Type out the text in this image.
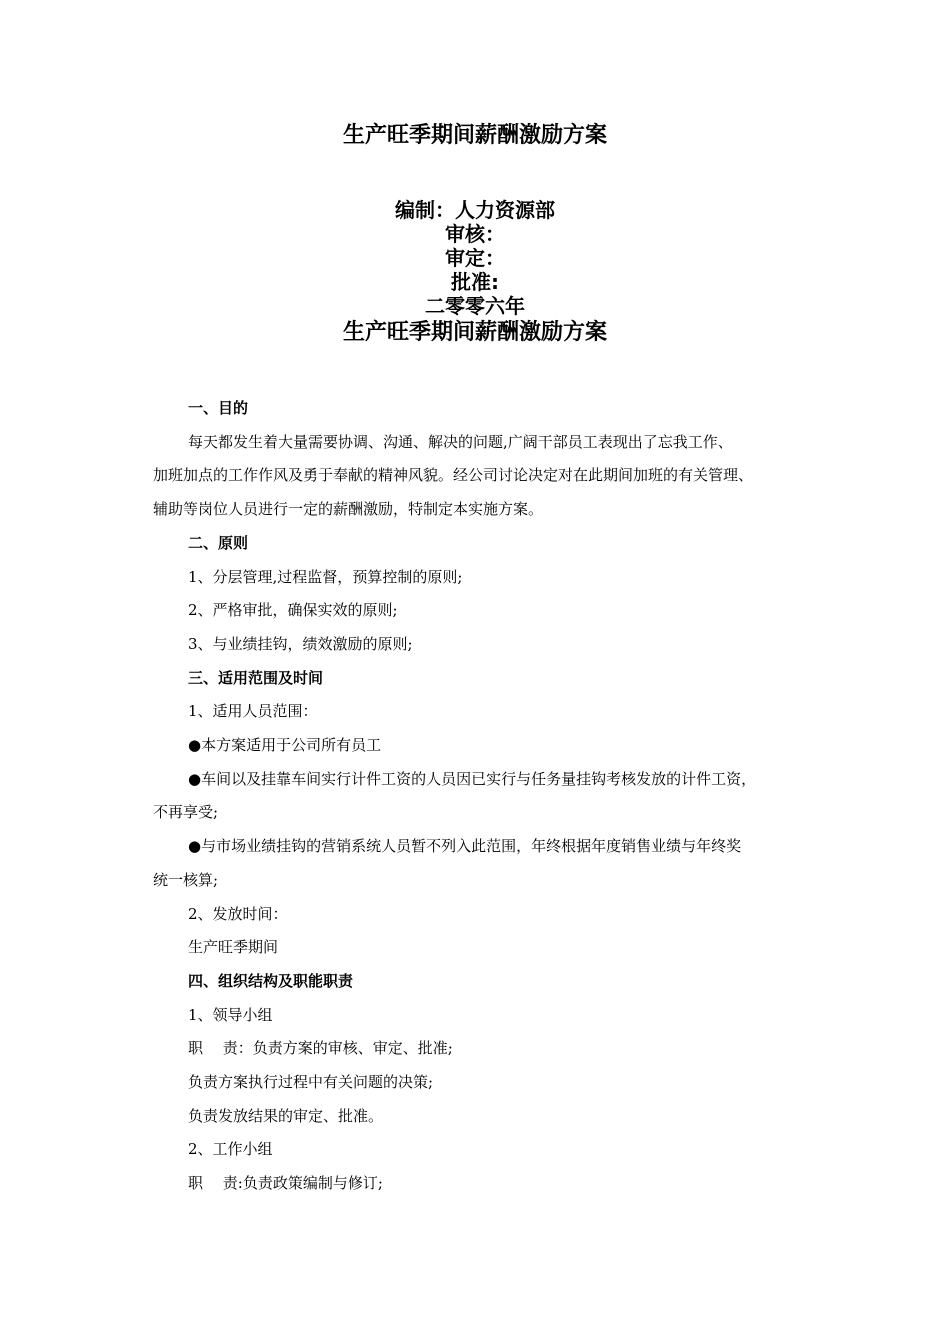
生产旺季期间薪酬激励方案
编制：人力资源部
审核：
审定：
批准:
二零零六年
生产旺季期间薪酬激励方案

一、目的

每天都发生着大量需要协调、沟通、解决的问题,广阔干部员工表现出了忘我工作、

加班加点的工作作风及勇于奉献的精神风貌。经公司讨论决定对在此期间加班的有关管理、

辅助等岗位人员进行一定的薪酬激励，特制定本实施方案。

二、原则

1、分层管理,过程监督，预算控制的原则;

2、严格审批，确保实效的原则;

3、与业绩挂钩，绩效激励的原则;

三、适用范围及时间

1、适用人员范围：

●本方案适用于公司所有员工

●车间以及挂靠车间实行计件工资的人员因已实行与任务量挂钩考核发放的计件工资，

不再享受;

●与市场业绩挂钩的营销系统人员暂不列入此范围，年终根据年度销售业绩与年终奖

统一核算;

2、发放时间：

生产旺季期间

四、组织结构及职能职责

1、领导小组

职　 责：负责方案的审核、审定、批准;

负责方案执行过程中有关问题的决策;

负责发放结果的审定、批准。

2、工作小组

职　 责:负责政策编制与修订;
